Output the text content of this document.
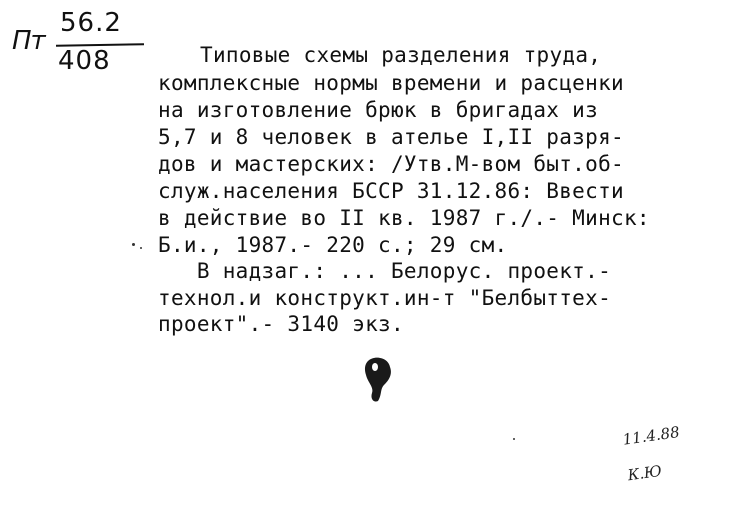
Пт
56.2
408

	Типовые схемы разделения труда,

комплексные нормы времени и расценки

на изготовление брюк в бригадах из

5,7 и 8 человек в ателье I,II разря-

дов и мастерских: /Утв.М-вом быт.об-

служ.населения БССР 31.12.86: Ввести

в действие во II кв. 1987 г./.- Минск:

Б.и., 1987.- 220 с.; 29 см.

В надзаг.: ... Белорус. проект.-

технол.и конструкт.ин-т "Белбыттех-

проект".- 3140 экз.

11.4.88

К.Ю
